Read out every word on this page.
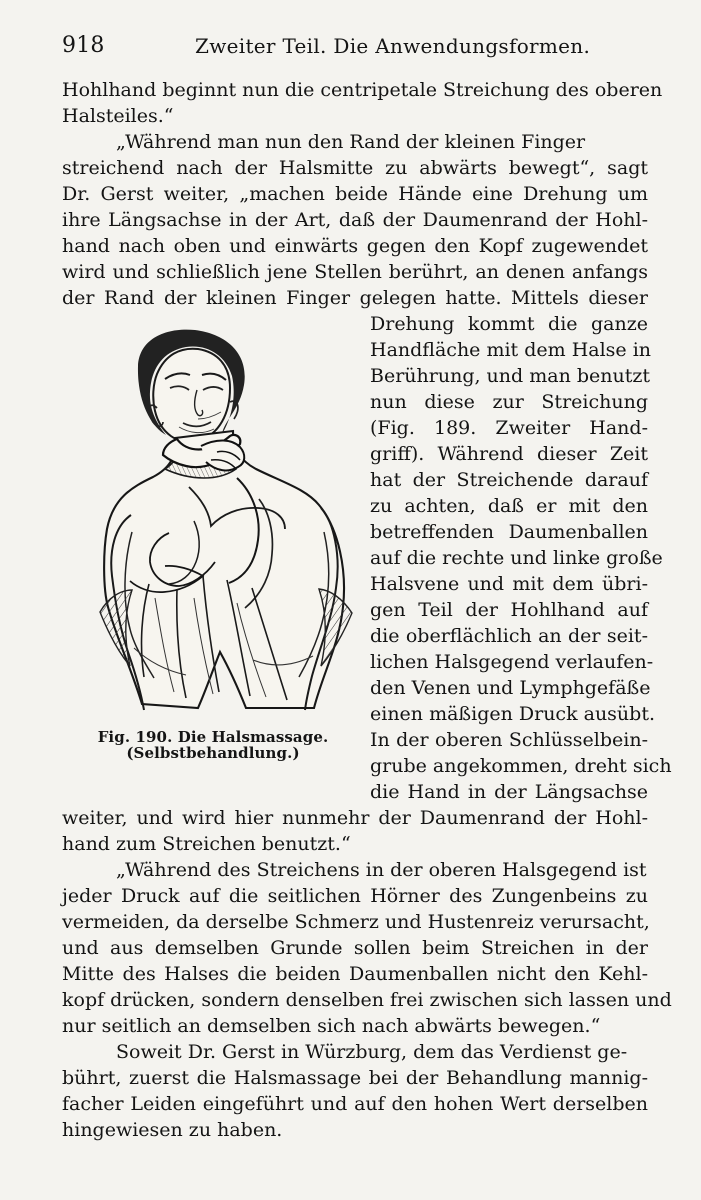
918	Zweiter Teil. Die Anwendungsformen.

Hohlhand beginnt nun die centripetale Streichung des oberen

Halsteiles.“

„Während man nun den Rand der kleinen Finger

streichend nach der Halsmitte zu abwärts bewegt“, sagt

Dr. Gerst weiter, „machen beide Hände eine Drehung um

ihre Längsachse in der Art, daß der Daumenrand der Hohl-

hand nach oben und einwärts gegen den Kopf zugewendet

wird und schließlich jene Stellen berührt, an denen anfangs

der Rand der kleinen Finger gelegen hatte. Mittels dieser

Fig. 190. Die Halsmassage.

(Selbstbehandlung.)

Drehung kommt die ganze

Handfläche mit dem Halse in

Berührung, und man benutzt

nun diese zur Streichung

(Fig. 189. Zweiter Hand-

griff). Während dieser Zeit

hat der Streichende darauf

zu achten, daß er mit den

betreffenden Daumenballen

auf die rechte und linke große

Halsvene und mit dem übri-

gen Teil der Hohlhand auf

die oberflächlich an der seit-

lichen Halsgegend verlaufen-

den Venen und Lymphgefäße

einen mäßigen Druck ausübt.

In der oberen Schlüsselbein-

grube angekommen, dreht sich

die Hand in der Längsachse

weiter, und wird hier nunmehr der Daumenrand der Hohl-

hand zum Streichen benutzt.“

„Während des Streichens in der oberen Halsgegend ist

jeder Druck auf die seitlichen Hörner des Zungenbeins zu

vermeiden, da derselbe Schmerz und Hustenreiz verursacht,

und aus demselben Grunde sollen beim Streichen in der

Mitte des Halses die beiden Daumenballen nicht den Kehl-

kopf drücken, sondern denselben frei zwischen sich lassen und

nur seitlich an demselben sich nach abwärts bewegen.“

Soweit Dr. Gerst in Würzburg, dem das Verdienst ge-

bührt, zuerst die Halsmassage bei der Behandlung mannig-

facher Leiden eingeführt und auf den hohen Wert derselben

hingewiesen zu haben.
